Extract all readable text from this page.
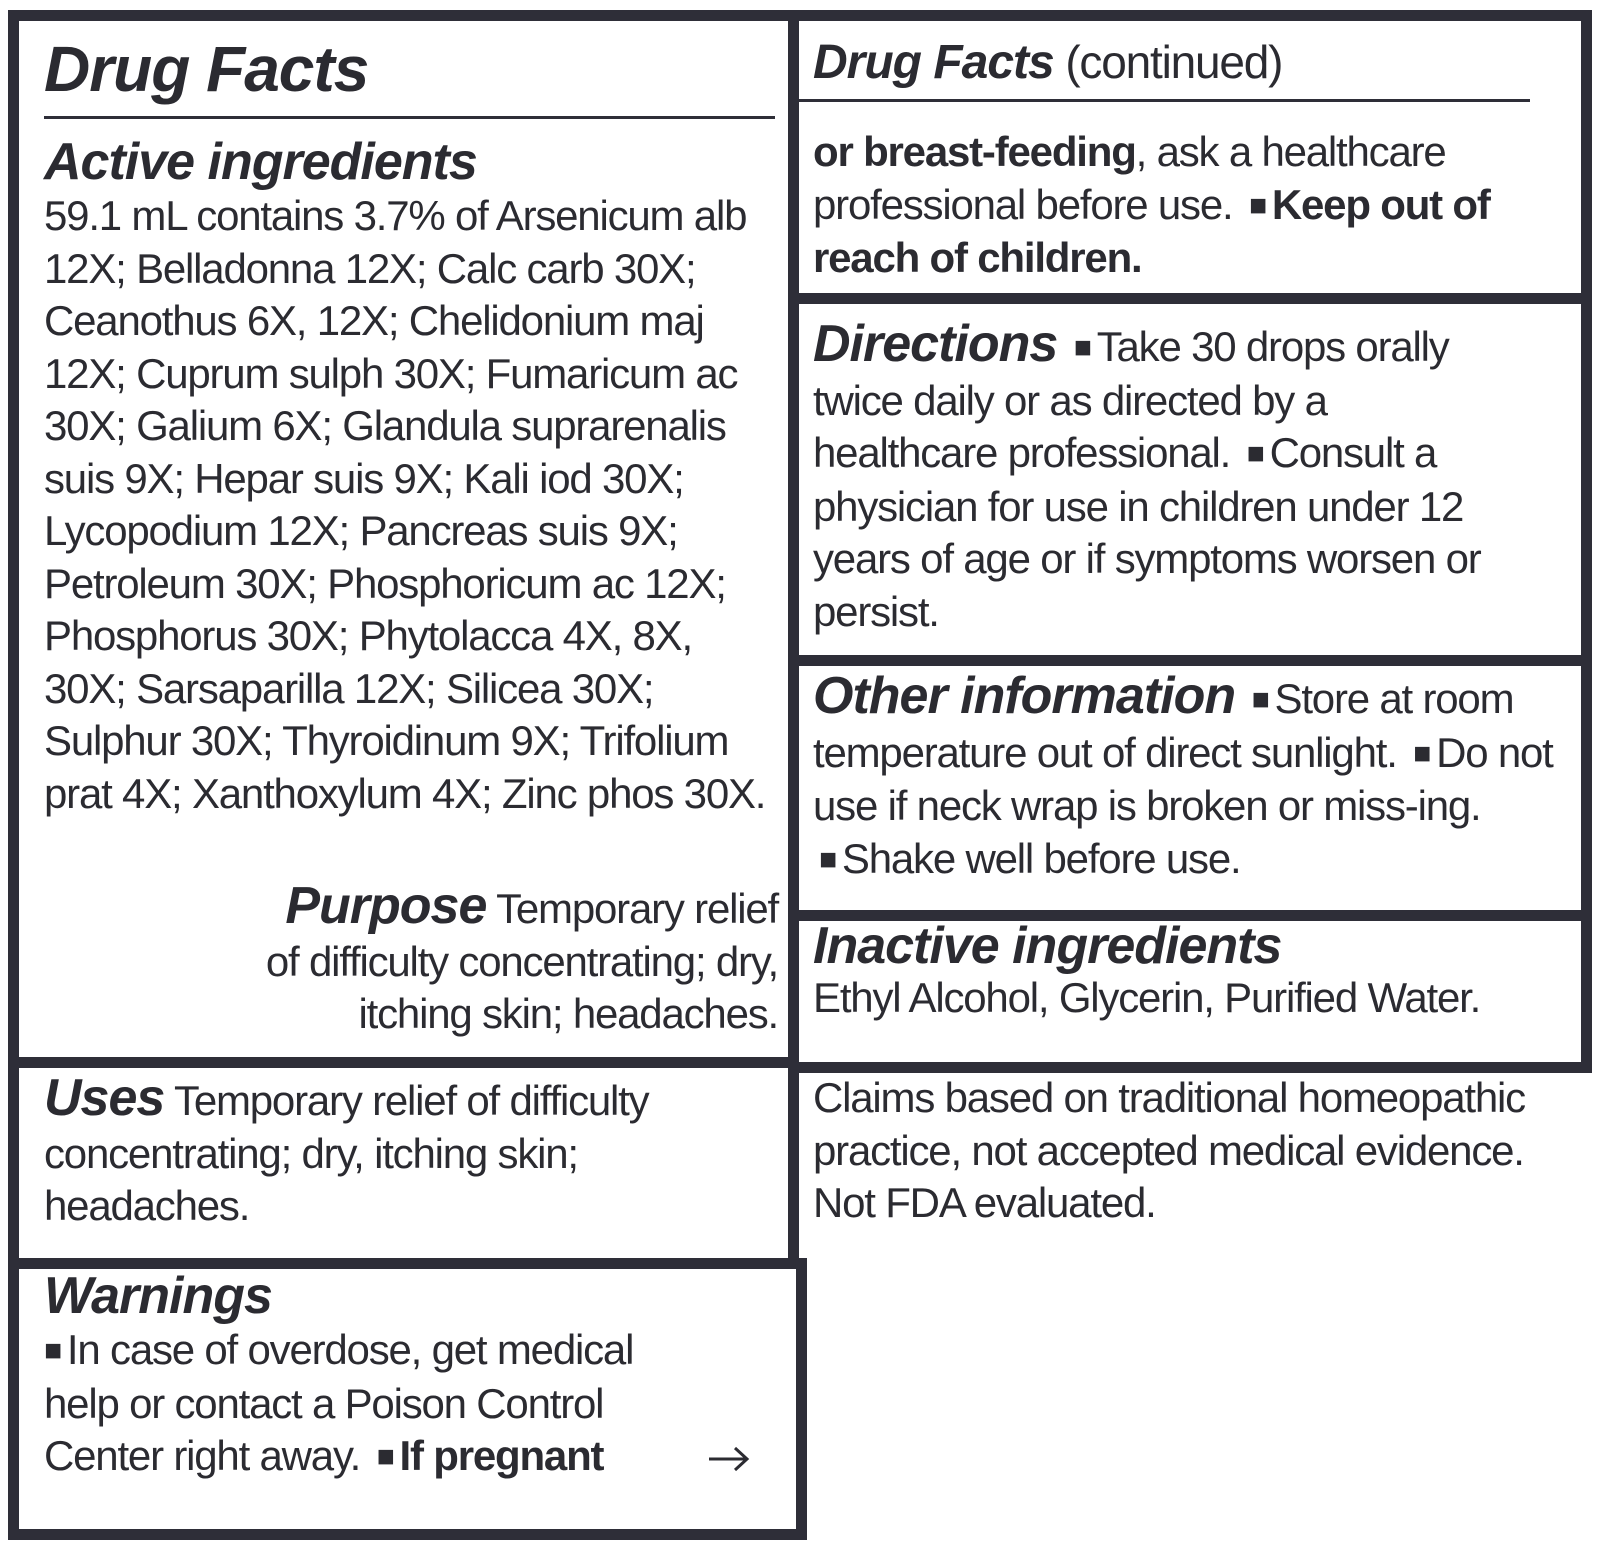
Drug Facts
Active ingredients
59.1 mL contains 3.7% of Arsenicum alb 12X; Belladonna 12X; Calc carb 30X; Ceanothus 6X, 12X; Chelidonium maj 12X; Cuprum sulph 30X; Fumaricum ac 30X; Galium 6X; Glandula suprarenalis suis 9X; Hepar suis 9X; Kali iod 30X; Lycopodium 12X; Pancreas suis 9X; Petroleum 30X; Phosphoricum ac 12X; Phosphorus 30X; Phytolacca 4X, 8X, 30X; Sarsaparilla 12X; Silicea 30X; Sulphur 30X; Thyroidinum 9X; Trifolium prat 4X; Xanthoxylum 4X; Zinc phos 30X.
Purpose Temporary relief of difficulty concentrating; dry, itching skin; headaches.
Uses Temporary relief of difficulty concentrating; dry, itching skin; headaches.
Warnings
■ In case of overdose, get medical help or contact a Poison Control Center right away. ■ If pregnant
Drug Facts (continued)
or breast-feeding, ask a healthcare professional before use. ■ Keep out of reach of children.
Directions ■ Take 30 drops orally twice daily or as directed by a healthcare professional. ■ Consult a physician for use in children under 12 years of age or if symptoms worsen or persist.
Other information ■ Store at room temperature out of direct sunlight. ■ Do not use if neck wrap is broken or miss-ing. ■ Shake well before use.
Inactive ingredients
Ethyl Alcohol, Glycerin, Purified Water.
Claims based on traditional homeopathic practice, not accepted medical evidence. Not FDA evaluated.
